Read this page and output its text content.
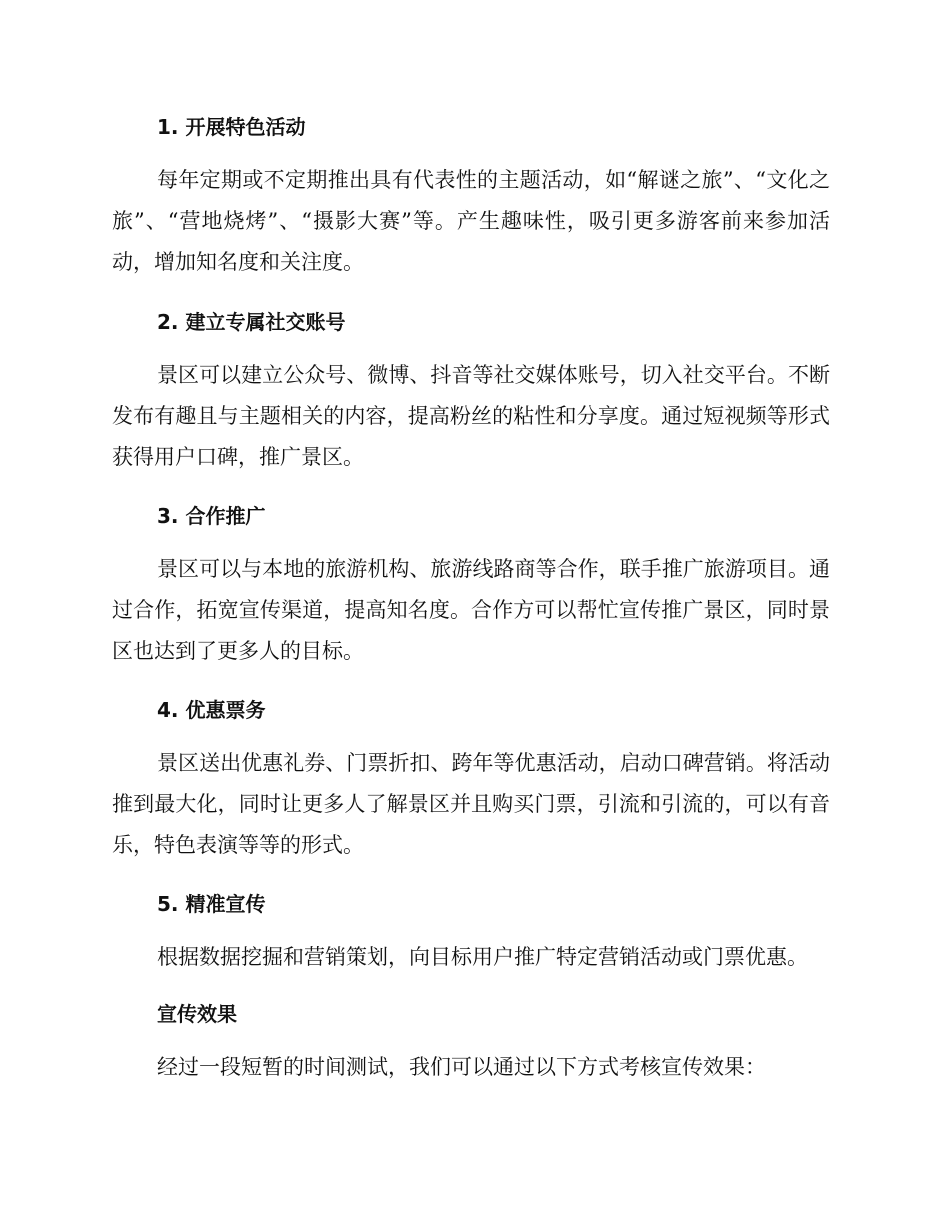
1. 开展特色活动
每年定期或不定期推出具有代表性的主题活动，如“解谜之旅”、“文化之旅”、“营地烧烤”、“摄影大赛”等。产生趣味性，吸引更多游客前来参加活动，增加知名度和关注度。
2. 建立专属社交账号
景区可以建立公众号、微博、抖音等社交媒体账号，切入社交平台。不断发布有趣且与主题相关的内容，提高粉丝的粘性和分享度。通过短视频等形式获得用户口碑，推广景区。
3. 合作推广
景区可以与本地的旅游机构、旅游线路商等合作，联手推广旅游项目。通过合作，拓宽宣传渠道，提高知名度。合作方可以帮忙宣传推广景区，同时景区也达到了更多人的目标。
4. 优惠票务
景区送出优惠礼券、门票折扣、跨年等优惠活动，启动口碑营销。将活动推到最大化，同时让更多人了解景区并且购买门票，引流和引流的，可以有音乐，特色表演等等的形式。
5. 精准宣传
根据数据挖掘和营销策划，向目标用户推广特定营销活动或门票优惠。
宣传效果
经过一段短暂的时间测试，我们可以通过以下方式考核宣传效果：
